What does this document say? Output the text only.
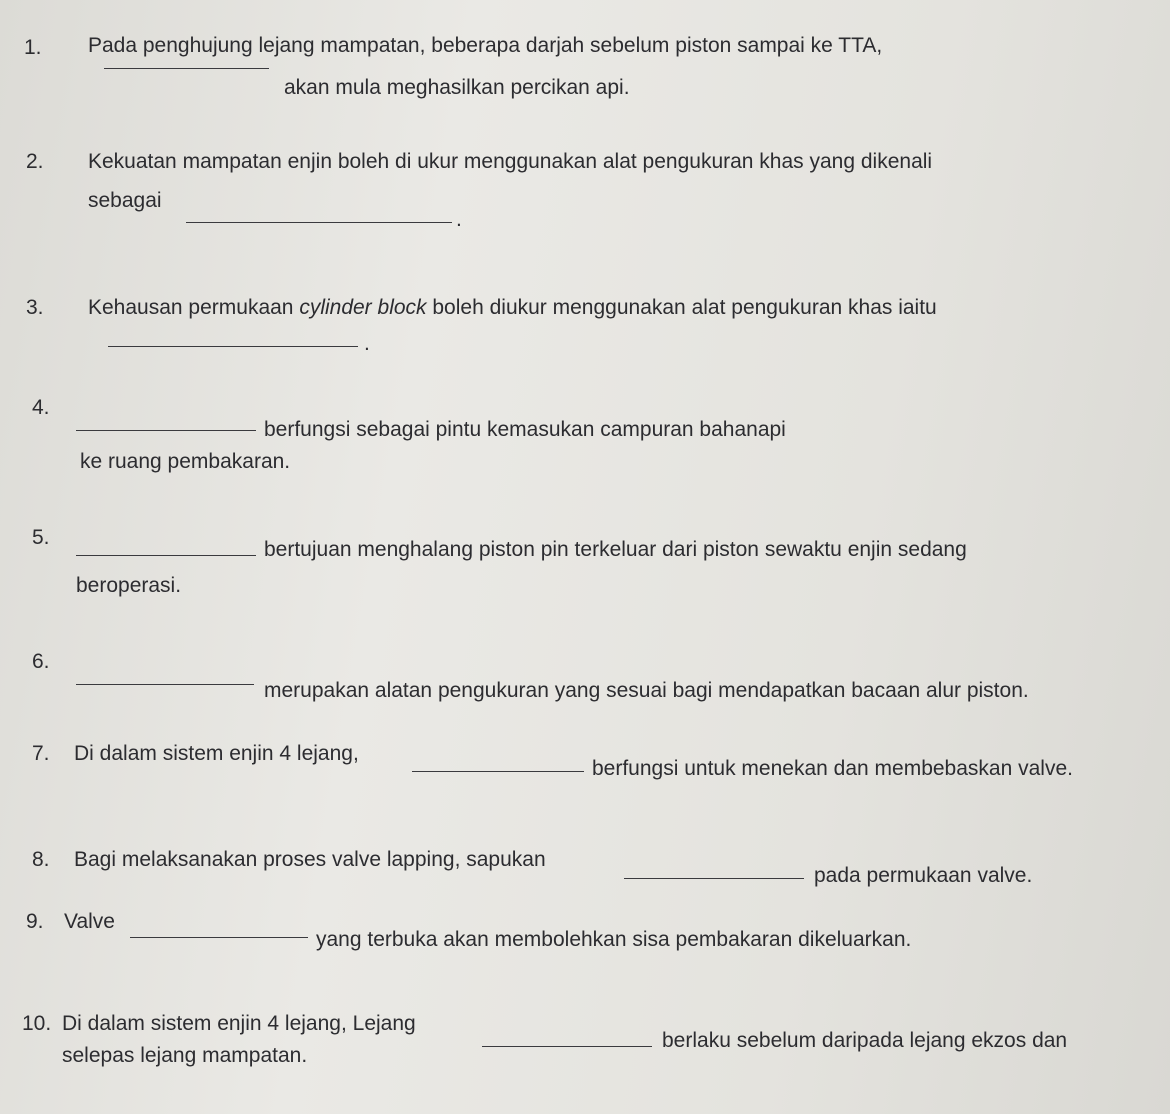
1. Pada penghujung lejang mampatan, beberapa darjah sebelum piston sampai ke TTA,
akan mula meghasilkan percikan api.
2. Kekuatan mampatan enjin boleh di ukur menggunakan alat pengukuran khas yang dikenali
sebagai
.
3. Kehausan permukaan cylinder block boleh diukur menggunakan alat pengukuran khas iaitu
.
4.
berfungsi sebagai pintu kemasukan campuran bahanapi
ke ruang pembakaran.
5.
bertujuan menghalang piston pin terkeluar dari piston sewaktu enjin sedang
beroperasi.
6.
merupakan alatan pengukuran yang sesuai bagi mendapatkan bacaan alur piston.
7. Di dalam sistem enjin 4 lejang,
berfungsi untuk menekan dan membebaskan valve.
8. Bagi melaksanakan proses valve lapping, sapukan
pada permukaan valve.
9. Valve
yang terbuka akan membolehkan sisa pembakaran dikeluarkan.
10. Di dalam sistem enjin 4 lejang, Lejang
berlaku sebelum daripada lejang ekzos dan
selepas lejang mampatan.
